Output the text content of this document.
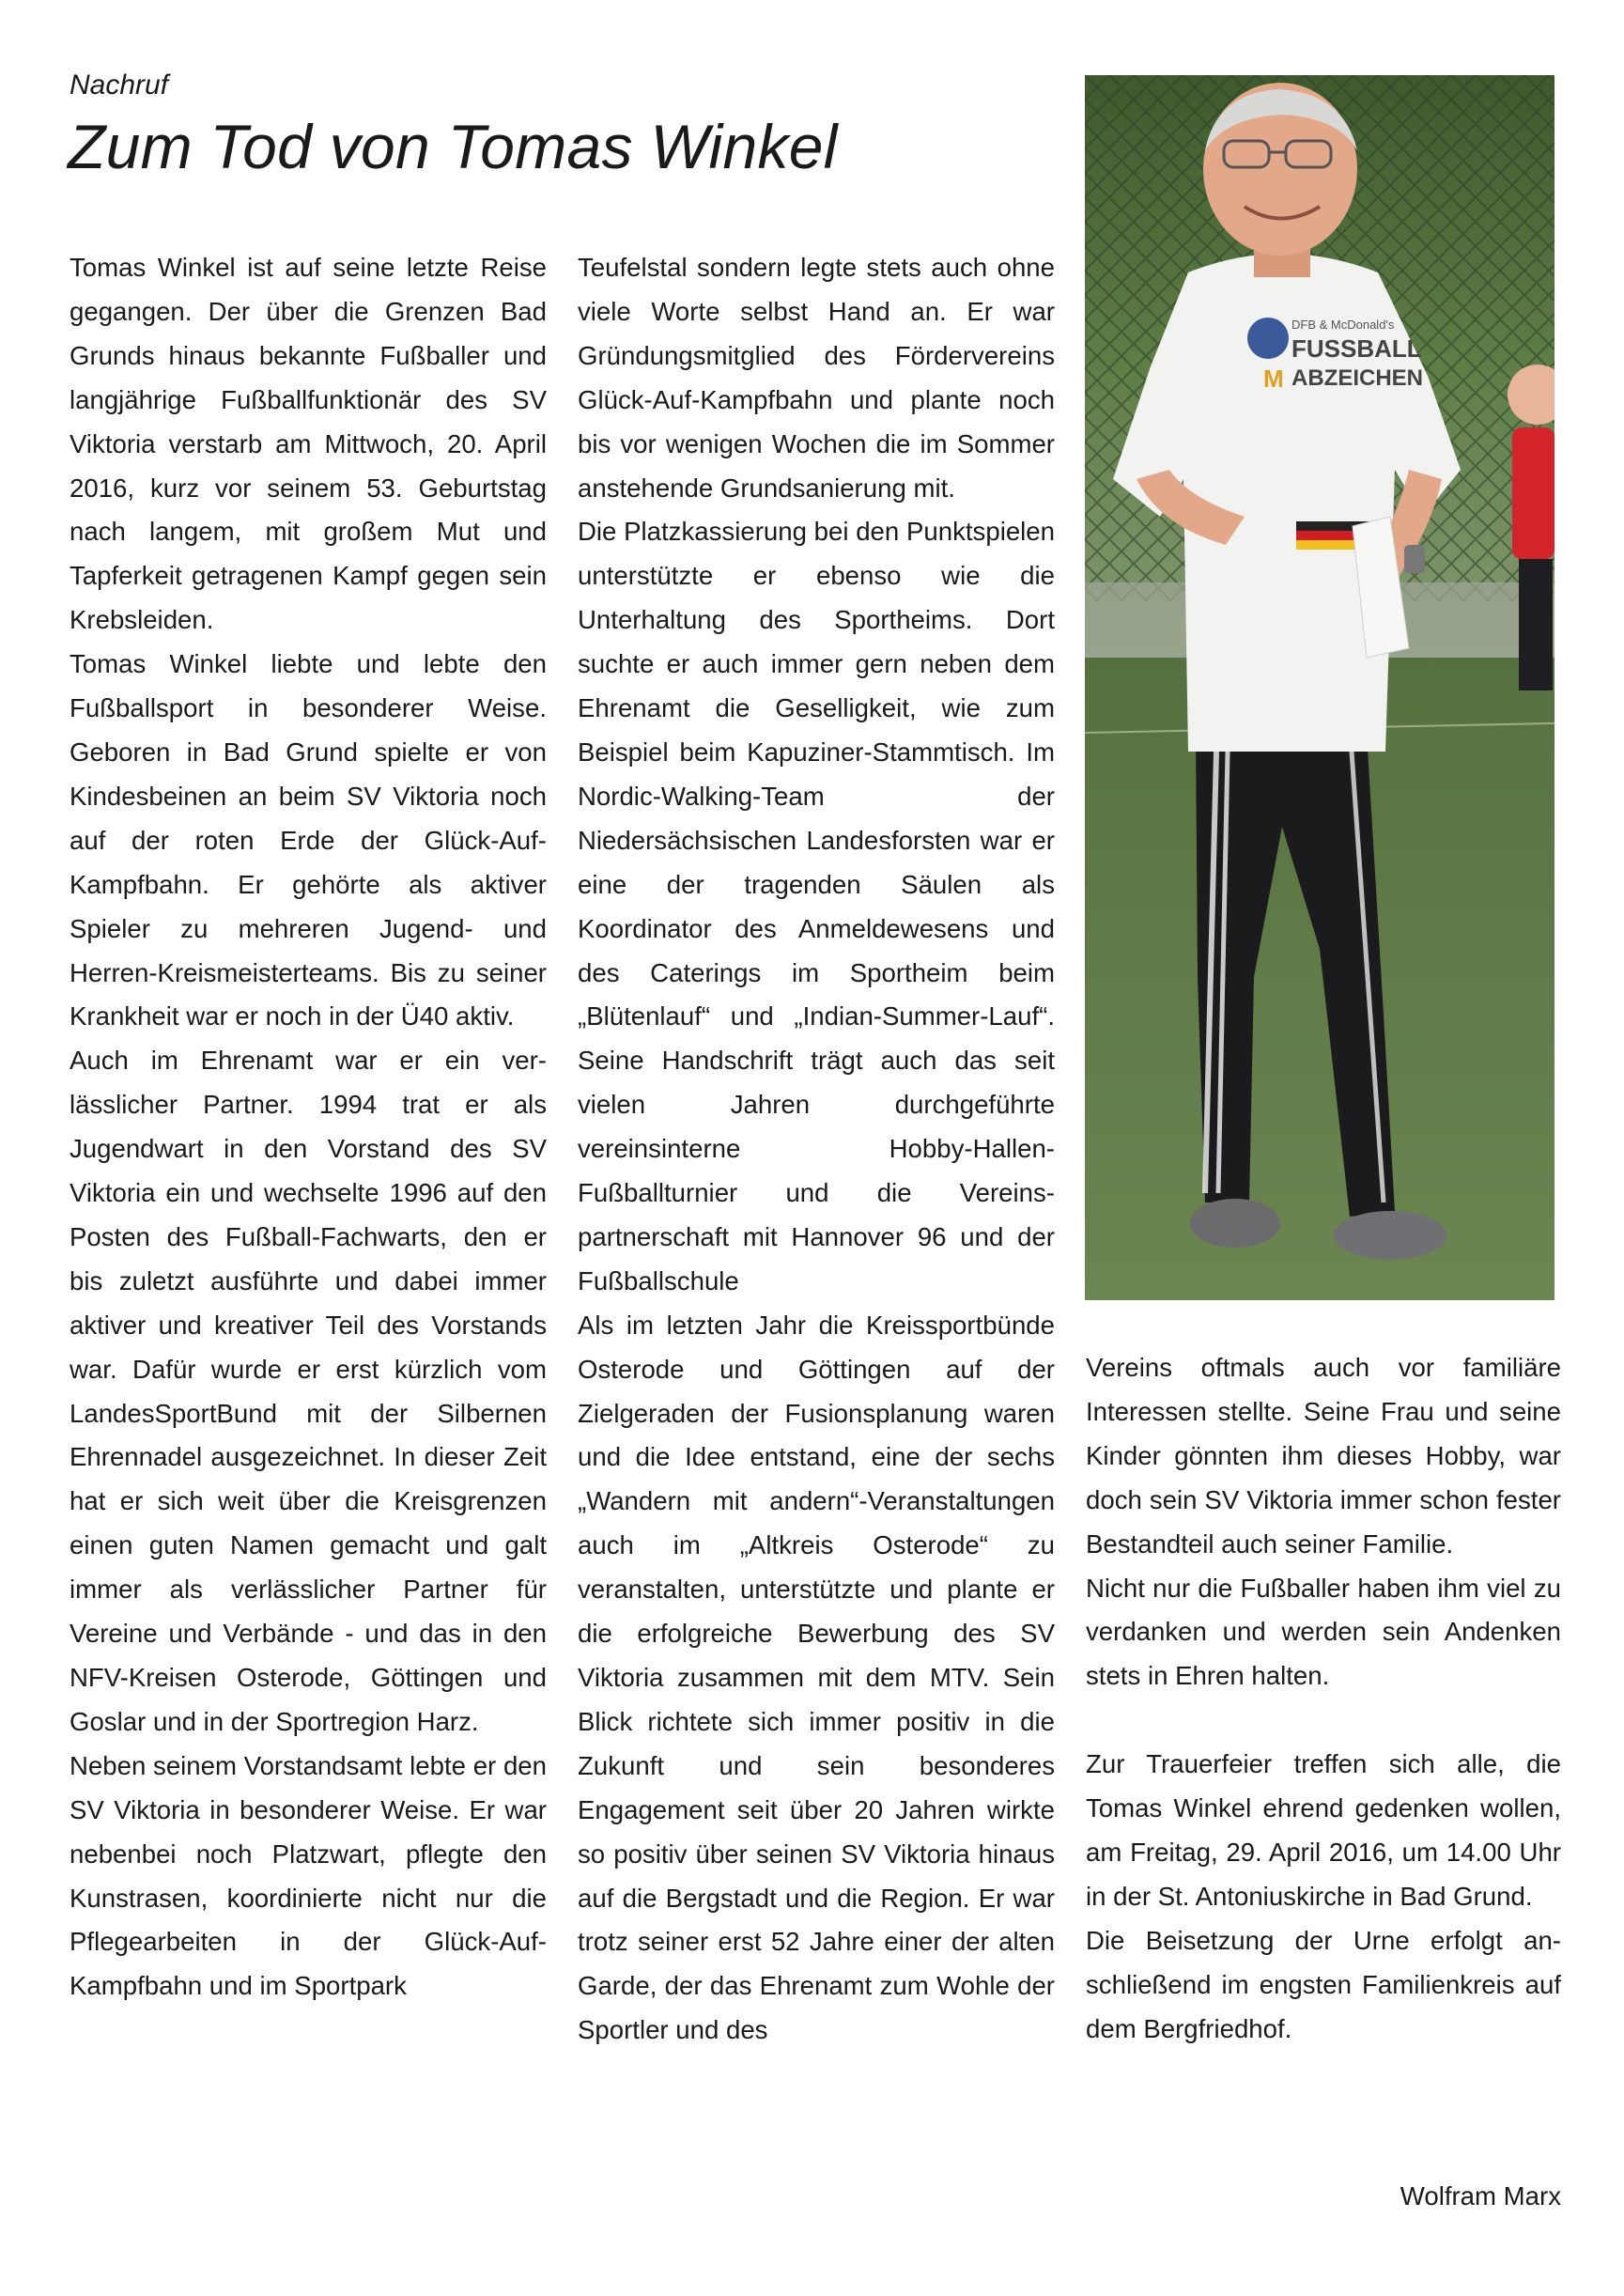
Nachruf
Zum Tod von Tomas Winkel

Tomas Winkel ist auf seine letzte Reise gegangen. Der über die Grenzen Bad Grunds hinaus bekannte Fußballer und langjährige Fußballfunktionär des SV Viktoria verstarb am Mittwoch, 20. April 2016, kurz vor seinem 53. Geburtstag nach langem, mit großem Mut und Tapferkeit getragenen Kampf gegen sein Krebsleiden.

Tomas Winkel liebte und lebte den Fußballsport in besonderer Weise. Geboren in Bad Grund spielte er von Kindesbeinen an beim SV Viktoria noch auf der roten Erde der Glück-Auf-Kampfbahn. Er gehörte als aktiver Spieler zu mehreren Jugend- und Herren-Kreismeisterteams. Bis zu seiner Krankheit war er noch in der Ü40 aktiv.

Auch im Ehrenamt war er ein verlässlicher Partner. 1994 trat er als Jugendwart in den Vorstand des SV Viktoria ein und wechselte 1996 auf den Posten des Fußball-Fachwarts, den er bis zuletzt ausführte und dabei immer aktiver und kreativer Teil des Vorstands war. Dafür wurde er erst kürzlich vom LandesSportBund mit der Silbernen Ehrennadel ausgezeichnet. In dieser Zeit hat er sich weit über die Kreisgrenzen einen guten Namen gemacht und galt immer als verlässlicher Partner für Vereine und Verbände - und das in den NFV-Kreisen Osterode, Göttingen und Goslar und in der Sportregion Harz.

Neben seinem Vorstandsamt lebte er den SV Viktoria in besonderer Weise. Er war nebenbei noch Platzwart, pflegte den Kunstrasen, koordinierte nicht nur die Pflegearbeiten in der Glück-Auf-Kampfbahn und im Sportpark

Teufelstal sondern legte stets auch ohne viele Worte selbst Hand an. Er war Gründungsmitglied des Fördervereins Glück-Auf-Kampfbahn und plante noch bis vor wenigen Wochen die im Sommer anstehende Grundsanierung mit.

Die Platzkassierung bei den Punktspielen unterstützte er ebenso wie die Unterhaltung des Sportheims. Dort suchte er auch immer gern neben dem Ehrenamt die Geselligkeit, wie zum Beispiel beim Kapuziner-Stammtisch. Im Nordic-Walking-Team der Niedersächsischen Landesforsten war er eine der tragenden Säulen als Koordinator des Anmeldewesens und des Caterings im Sportheim beim „Blütenlauf“ und „Indian-Summer-Lauf“. Seine Handschrift trägt auch das seit vielen Jahren durchgeführte vereinsinterne Hobby-Hallen-Fußballturnier und die Vereinspartnerschaft mit Hannover 96 und der Fußballschule

Als im letzten Jahr die Kreissportbünde Osterode und Göttingen auf der Zielgeraden der Fusionsplanung waren und die Idee entstand, eine der sechs „Wandern mit andern“-Veranstaltungen auch im „Altkreis Osterode“ zu veranstalten, unterstützte und plante er die erfolgreiche Bewerbung des SV Viktoria zusammen mit dem MTV. Sein Blick richtete sich immer positiv in die Zukunft und sein besonderes Engagement seit über 20 Jahren wirkte so positiv über seinen SV Viktoria hinaus auf die Bergstadt und die Region. Er war trotz seiner erst 52 Jahre einer der alten Garde, der das Ehrenamt zum Wohle der Sportler und des

Vereins oftmals auch vor familiäre Interessen stellte. Seine Frau und seine Kinder gönnten ihm dieses Hobby, war doch sein SV Viktoria immer schon fester Bestandteil auch seiner Familie.

Nicht nur die Fußballer haben ihm viel zu verdanken und werden sein Andenken stets in Ehren halten.

Zur Trauerfeier treffen sich alle, die Tomas Winkel ehrend gedenken wollen, am Freitag, 29. April 2016, um 14.00 Uhr in der St. Antoniuskirche in Bad Grund.

Die Beisetzung der Urne erfolgt anschließend im engsten Familienkreis auf dem Bergfriedhof.

Wolfram Marx
DFB & McDonald's
FUSSBALL
ABZEICHEN
M
